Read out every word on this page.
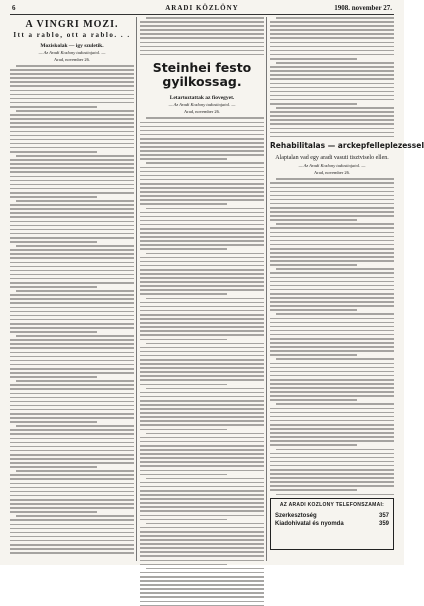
6	ARADI KÖZLÖNY	1908. november 27.
A VINGRI MOZI.
Itt a rablo, ott a rablo. . .
Moziskolak — igy szuletik.
— Az Aradi Kozlony tudositojatol. —
Arad, november 26.
Steinhei festo gyilkossag.
Letartoztattak az fiovegyet.
— Az Aradi Kozlony tudositojatol. —
Arad, november 26.
Rehabilitalas — arckepfelleplezesseI
Alaptalan vad egy aradi vasuti tisztviselo ellen.
— Az Aradi Kozlony tudositojatol. —
Arad, november 26.
AZ ARADI KOZLONY TELEFONSZAMAI:
Szerkesztoség	357
Kiadohivatal és nyomda	359
